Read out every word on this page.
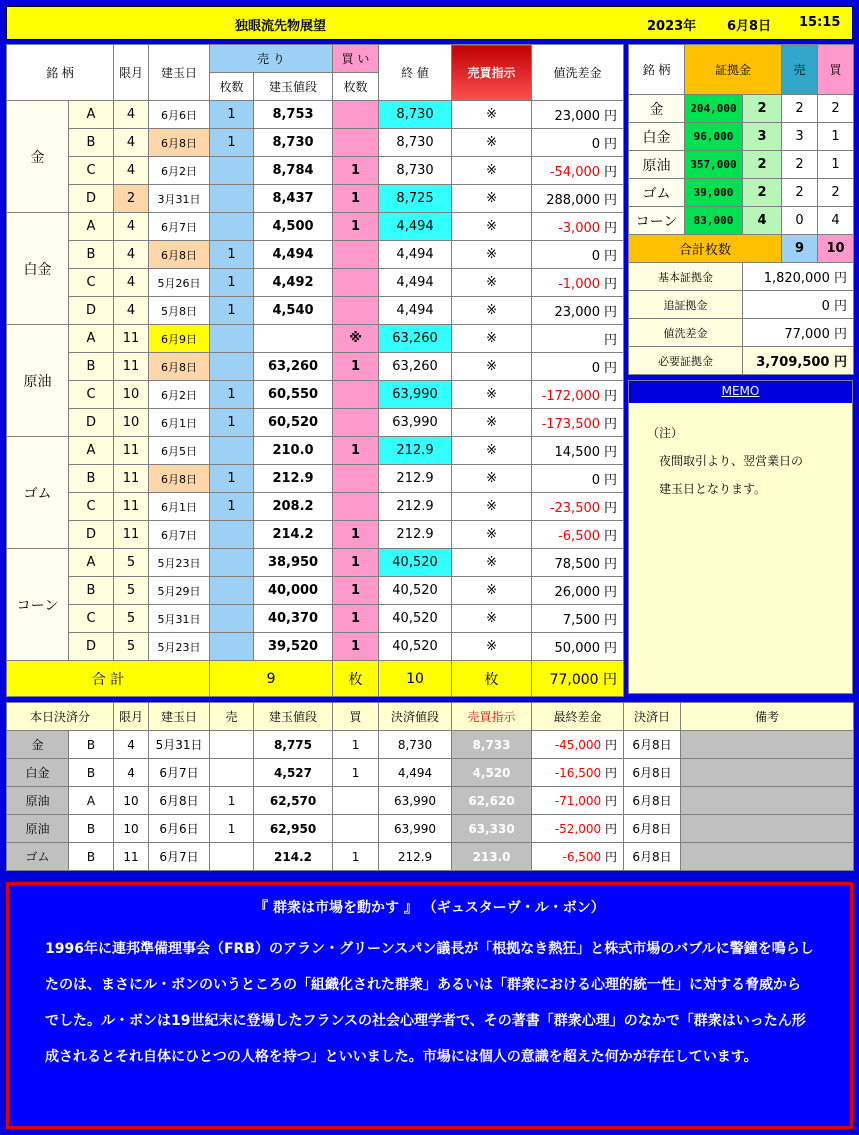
独眼流先物展望	2023年 6月8日 15:15
銘 柄		限月	建玉日	売 り		買 い	終 値	売買指示	値洗差金
				枚数	建玉値段	枚数			
金	A	4	6月6日	1	8,753		8,730	※	23,000 円
	B	4	6月8日	1	8,730		8,730	※	0 円
	C	4	6月2日		8,784	1	8,730	※	-54,000 円
	D	2	3月31日		8,437	1	8,725	※	288,000 円
白金	A	4	6月7日		4,500	1	4,494	※	-3,000 円
	B	4	6月8日	1	4,494		4,494	※	0 円
	C	4	5月26日	1	4,492		4,494	※	-1,000 円
	D	4	5月8日	1	4,540		4,494	※	23,000 円
原油	A	11	6月9日			※	63,260	※	円
	B	11	6月8日		63,260	1	63,260	※	0 円
	C	10	6月2日	1	60,550		63,990	※	-172,000 円
	D	10	6月1日	1	60,520		63,990	※	-173,500 円
ゴム	A	11	6月5日		210.0	1	212.9	※	14,500 円
	B	11	6月8日	1	212.9		212.9	※	0 円
	C	11	6月1日	1	208.2		212.9	※	-23,500 円
	D	11	6月7日		214.2	1	212.9	※	-6,500 円
コーン	A	5	5月23日		38,950	1	40,520	※	78,500 円
	B	5	5月29日		40,000	1	40,520	※	26,000 円
	C	5	5月31日		40,370	1	40,520	※	7,500 円
	D	5	5月23日		39,520	1	40,520	※	50,000 円
合 計				9		枚	10	枚	77,000 円
銘 柄	証拠金		売	買
金	204,000	2	2	2
白金	96,000	3	3	1
原油	357,000	2	2	1
ゴム	39,000	2	2	2
コーン	83,000	4	0	4
合計枚数			9	10
基本証拠金		1,820,000 円		
追証拠金		0 円		
値洗差金		77,000 円		
必要証拠金		3,709,500 円		
MEMO
（注）
夜間取引より、翌営業日の
建玉日となります。
本日決済分		限月	建玉日	売	建玉値段	買	決済値段	売買指示	最終差金	決済日	備考
金	B	4	5月31日		8,775	1	8,730	8,733	-45,000 円	6月8日	
白金	B	4	6月7日		4,527	1	4,494	4,520	-16,500 円	6月8日	
原油	A	10	6月8日	1	62,570		63,990	62,620	-71,000 円	6月8日	
原油	B	10	6月6日	1	62,950		63,990	63,330	-52,000 円	6月8日	
ゴム	B	11	6月7日		214.2	1	212.9	213.0	-6,500 円	6月8日	
『 群衆は市場を動かす 』 （ギュスターヴ・ル・ボン）
1996年に連邦準備理事会（FRB）のアラン・グリーンスパン議長が「根拠なき熱狂」と株式市場のバブルに警鐘を鳴らしたのは、まさにル・ボンのいうところの「組織化された群衆」あるいは「群衆における心理的統一性」に対する脅威からでした。ル・ボンは19世紀末に登場したフランスの社会心理学者で、その著書「群衆心理」のなかで「群衆はいったん形成されるとそれ自体にひとつの人格を持つ」といいました。市場には個人の意識を超えた何かが存在しています。
